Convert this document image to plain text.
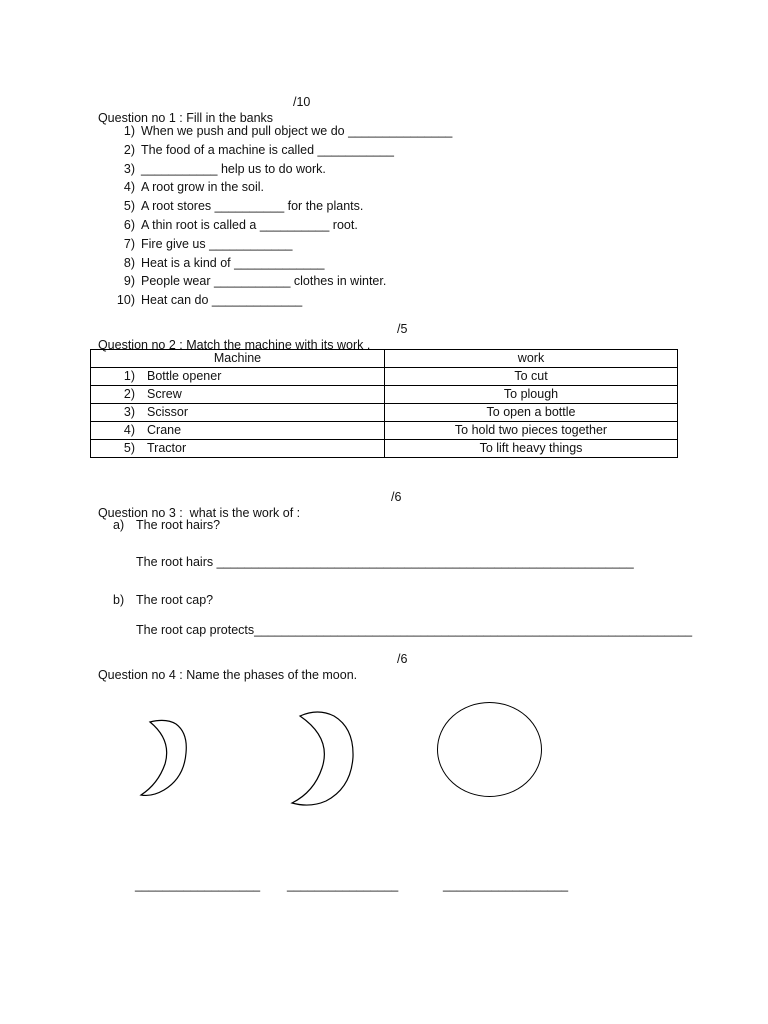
Question no 1 : Fill in the banks

/10

1) When we push and pull object we do _______________
2) The food of a machine is called ___________
3) ___________ help us to do work.
4) A root grow in the soil.
5) A root stores __________ for the plants.
6) A thin root is called a __________ root.
7) Fire give us ____________
8) Heat is a kind of _____________
9) People wear ___________ clothes in winter.
10) Heat can do _____________

Question no 2 : Match the machine with its work .

/5

Machine	work
1) Bottle opener	To cut
2) Screw	To plough
3) Scissor	To open a bottle
4) Crane	To hold two pieces together
5) Tractor	To lift heavy things

Question no 3 :  what is the work of :

/6

a) The root hairs?
The root hairs ____________________________________________________________
b) The root cap?
The root cap protects_______________________________________________________________

Question no 4 : Name the phases of the moon.

/6

__________________ ________________	__________________
